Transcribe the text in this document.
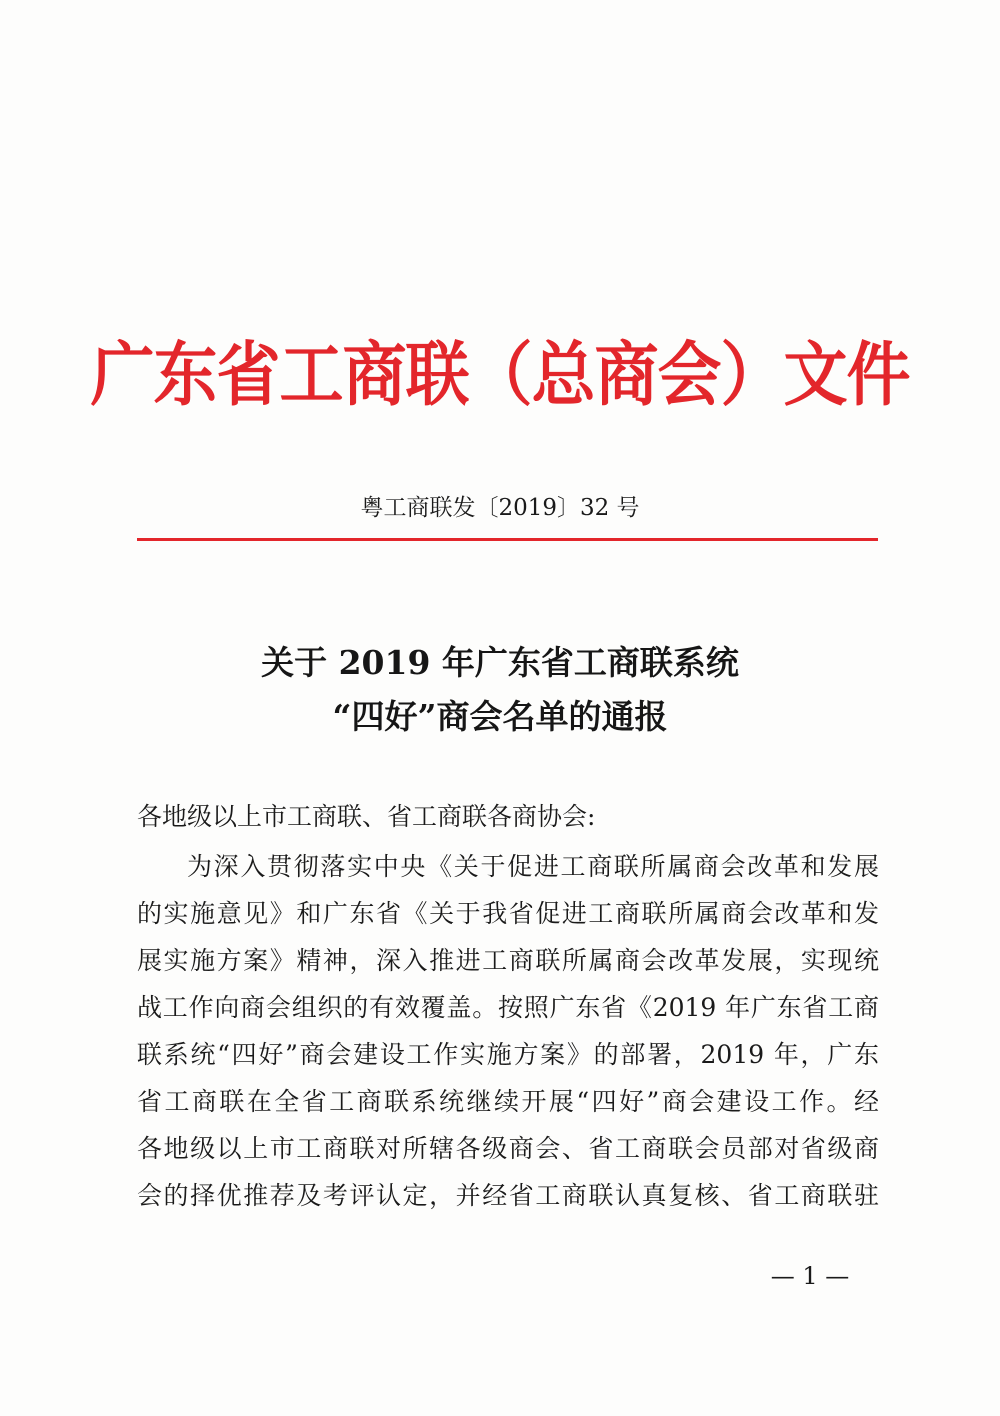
广东省工商联（总商会）文件
粤工商联发〔2019〕32 号
关于 2019 年广东省工商联系统
“四好”商会名单的通报
各地级以上市工商联、省工商联各商协会:
为深入贯彻落实中央《关于促进工商联所属商会改革和发展
的实施意见》和广东省《关于我省促进工商联所属商会改革和发
展实施方案》精神，深入推进工商联所属商会改革发展，实现统
战工作向商会组织的有效覆盖。按照广东省《2019 年广东省工商
联系统“四好”商会建设工作实施方案》的部署，2019 年，广东
省工商联在全省工商联系统继续开展“四好”商会建设工作。经
各地级以上市工商联对所辖各级商会、省工商联会员部对省级商
会的择优推荐及考评认定，并经省工商联认真复核、省工商联驻
— 1 —
